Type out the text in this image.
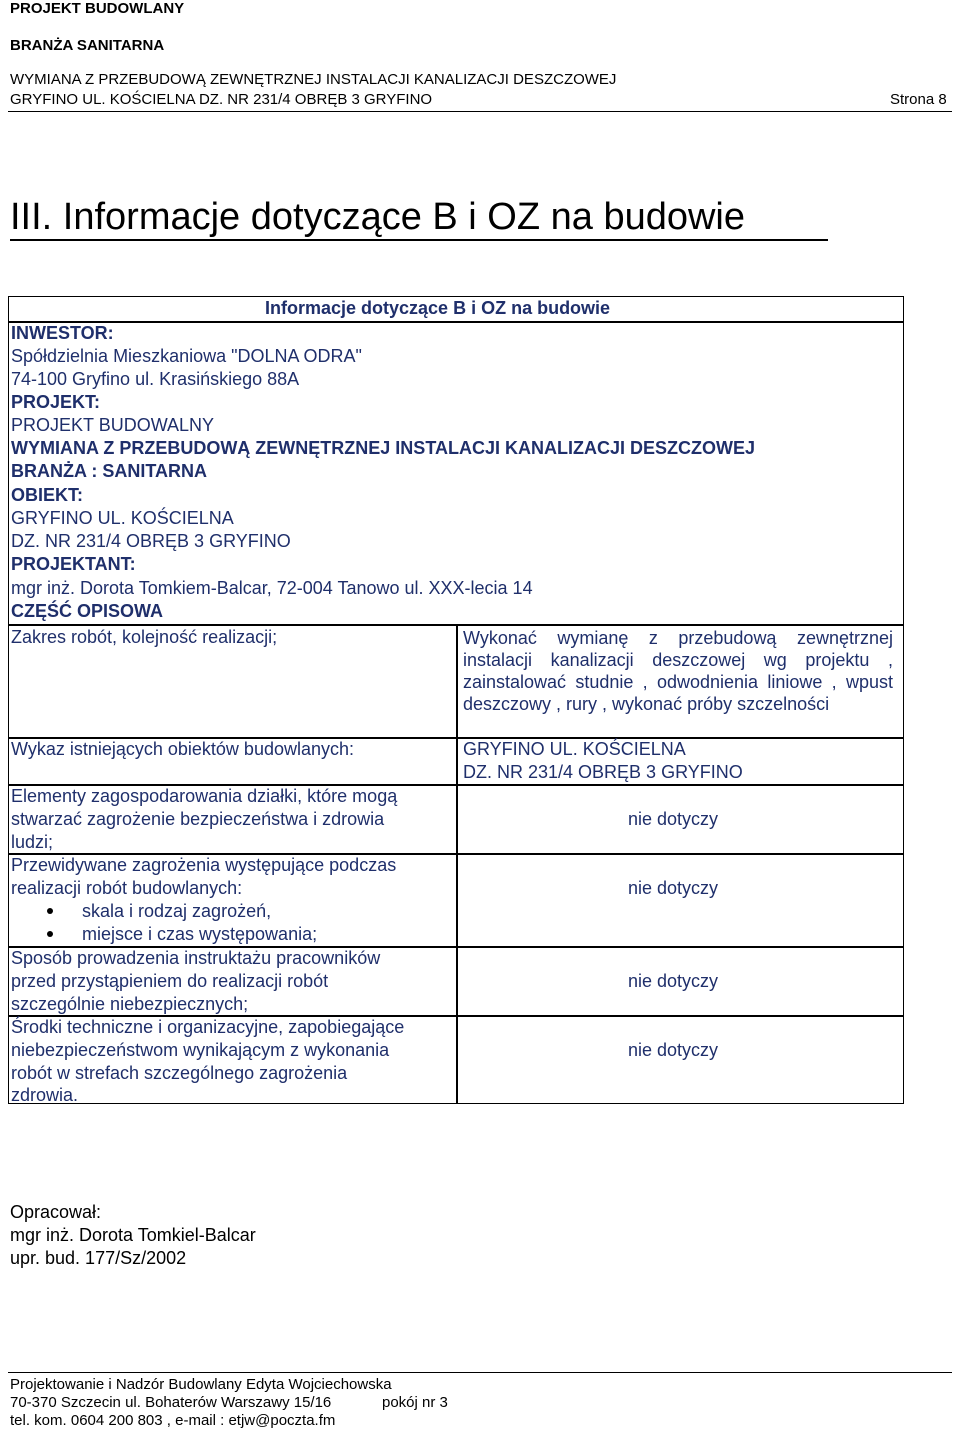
PROJEKT BUDOWLANY
BRANŻA SANITARNA
WYMIANA Z PRZEBUDOWĄ ZEWNĘTRZNEJ INSTALACJI KANALIZACJI DESZCZOWEJ
GRYFINO UL. KOŚCIELNA DZ. NR 231/4 OBRĘB 3 GRYFINO	Strona 8
III. Informacje dotyczące B i OZ na budowie
Informacje dotyczące B i OZ na budowie
INWESTOR:
Spółdzielnia Mieszkaniowa "DOLNA ODRA"
74-100 Gryfino ul. Krasińskiego 88A
PROJEKT:
PROJEKT BUDOWALNY
WYMIANA Z PRZEBUDOWĄ ZEWNĘTRZNEJ INSTALACJI KANALIZACJI DESZCZOWEJ
BRANŻA : SANITARNA
OBIEKT:
GRYFINO UL. KOŚCIELNA
DZ. NR 231/4 OBRĘB 3 GRYFINO
PROJEKTANT:
mgr inż. Dorota Tomkiem-Balcar, 72-004 Tanowo ul. XXX-lecia 14
CZĘŚĆ OPISOWA
Zakres robót, kolejność realizacji;	Wykonać wymianę z przebudową zewnętrznej instalacji kanalizacji deszczowej wg projektu , zainstalować studnie , odwodnienia liniowe , wpust deszczowy , rury , wykonać próby szczelności
Wykaz istniejących obiektów budowlanych:	GRYFINO UL. KOŚCIELNA
DZ. NR 231/4 OBRĘB 3 GRYFINO
Elementy zagospodarowania działki, które mogą
stwarzać zagrożenie bezpieczeństwa i zdrowia
ludzi;
nie dotyczy
Przewidywane zagrożenia występujące podczas
realizacji robót budowlanych:
skala i rodzaj zagrożeń,
miejsce i czas występowania;
nie dotyczy
Sposób prowadzenia instruktażu pracowników
przed przystąpieniem do realizacji robót
szczególnie niebezpiecznych;
nie dotyczy
Środki techniczne i organizacyjne, zapobiegające
niebezpieczeństwom wynikającym z wykonania
robót w strefach szczególnego zagrożenia
zdrowia.
nie dotyczy
Opracował:
mgr inż. Dorota Tomkiel-Balcar
upr. bud. 177/Sz/2002
Projektowanie i Nadzór Budowlany Edyta Wojciechowska
70-370 Szczecin ul. Bohaterów Warszawy 15/16	pokój nr 3
tel. kom. 0604 200 803 , e-mail : etjw@poczta.fm
